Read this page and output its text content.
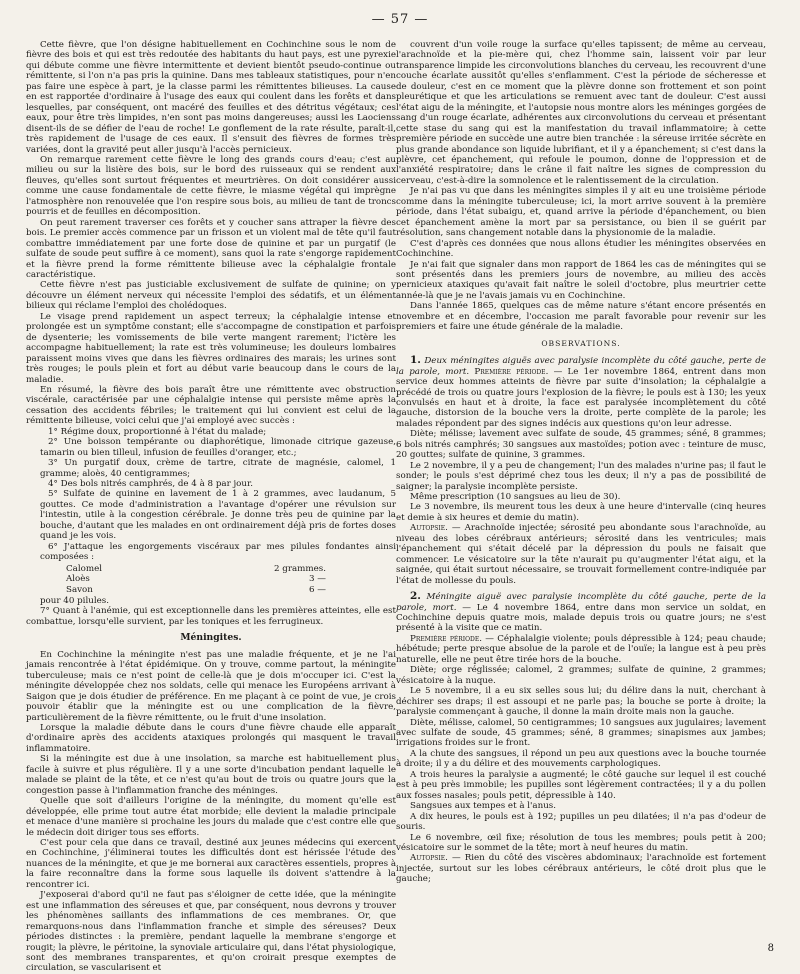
— 57 —

Cette fièvre, que l'on désigne habituellement en Cochinchine sous le nom de fièvre des bois et qui est très redoutée des habitants du haut pays, est une pyrexie qui débute comme une fièvre intermittente et devient bientôt pseudo-continue ou rémittente, si l'on n'a pas pris la quinine. Dans mes tableaux statistiques, pour n'en pas faire une espèce à part, je la classe parmi les rémittentes bilieuses. La cause en est rapportée d'ordinaire à l'usage des eaux qui coulent dans les forêts et dans lesquelles, par conséquent, ont macéré des feuilles et des détritus végétaux; ces eaux, pour être très limpides, n'en sont pas moins dangereuses; aussi les Laociens disent-ils de se défier de l'eau de roche! Le gonflement de la rate résulte, paraît-il, très rapidement de l'usage de ces eaux. Il s'ensuit des fièvres de formes très variées, dont la gravité peut aller jusqu'à l'accès pernicieux.

On remarque rarement cette fièvre le long des grands cours d'eau; c'est au milieu ou sur la lisière des bois, sur le bord des ruisseaux qui se rendent aux fleuves, qu'elles sont surtout fréquentes et meurtrières. On doit considérer aussi comme une cause fondamentale de cette fièvre, le miasme végétal qui imprègne l'atmosphère non renouvelée que l'on respire sous bois, au milieu de tant de troncs pourris et de feuilles en décomposition.

On peut rarement traverser ces forêts et y coucher sans attraper la fièvre des bois. Le premier accès commence par un frisson et un violent mal de tête qu'il faut combattre immédiatement par une forte dose de quinine et par un purgatif (le sulfate de soude peut suffire à ce moment), sans quoi la rate s'engorge rapidement et la fièvre prend la forme rémittente bilieuse avec la céphalalgie frontale caractéristique.

Cette fièvre n'est pas justiciable exclusivement de sulfate de quinine; on y découvre un élément nerveux qui nécessite l'emploi des sédatifs, et un élément bilieux qui réclame l'emploi des cholédoques.

Le visage prend rapidement un aspect terreux; la céphalalgie intense et prolongée est un symptôme constant; elle s'accompagne de constipation et parfois de dysenterie; les vomissements de bile verte mangent rarement; l'ictère les accompagne habituellement; la rate est très volumineuse; les douleurs lombaires paraissent moins vives que dans les fièvres ordinaires des marais; les urines sont très rouges; le pouls plein et fort au début varie beaucoup dans le cours de la maladie.

En résumé, la fièvre des bois paraît être une rémittente avec obstruction viscérale, caractérisée par une céphalalgie intense qui persiste même après la cessation des accidents fébriles; le traitement qui lui convient est celui de la rémittente bilieuse, voici celui que j'ai employé avec succès :

1° Régime doux, proportionné à l'état du malade;
2° Une boisson tempérante ou diaphorétique, limonade citrique gazeuse, tamarin ou bien tilleul, infusion de feuilles d'oranger, etc.;
3° Un purgatif doux, crème de tartre, citrate de magnésie, calomel, 1 gramme; aloès, 40 centigrammes;
4° Des bols nitrés camphrés, de 4 à 8 par jour.
5° Sulfate de quinine en lavement de 1 à 2 grammes, avec laudanum, 5 gouttes. Ce mode d'administration a l'avantage d'opérer une révulsion sur l'intestin, utile à la congestion cérébrale. Je donne très peu de quinine par la bouche, d'autant que les malades en ont ordinairement déjà pris de fortes doses quand je les vois.
6° J'attaque les engorgements viscéraux par mes pilules fondantes ainsi composées :
Calomel	2 grammes.
Aloès	3 —
Savon	6 —

pour 40 pilules.

7° Quant à l'anémie, qui est exceptionnelle dans les premières atteintes, elle est combattue, lorsqu'elle survient, par les toniques et les ferrugineux.

Méningites.

En Cochinchine la méningite n'est pas une maladie fréquente, et je ne l'ai jamais rencontrée à l'état épidémique. On y trouve, comme partout, la méningite tuberculeuse; mais ce n'est point de celle-là que je dois m'occuper ici. C'est la méningite développée chez nos soldats, celle qui menace les Européens arrivant à Saigon que je dois étudier de préférence. En me plaçant à ce point de vue, je crois pouvoir établir que la méningite est ou une complication de la fièvre, particulièrement de la fièvre rémittente, ou le fruit d'une insolation.

Lorsque la maladie débute dans le cours d'une fièvre chaude elle apparaît d'ordinaire après des accidents ataxiques prolongés qui masquent le travail inflammatoire.

Si la méningite est due à une insolation, sa marche est habituellement plus facile à suivre et plus régulière. Il y a une sorte d'incubation pendant laquelle le malade se plaint de la tête, et ce n'est qu'au bout de trois ou quatre jours que la congestion passe à l'inflammation franche des méninges.

Quelle que soit d'ailleurs l'origine de la méningite, du moment qu'elle est développée, elle prime tout autre état morbide; elle devient la maladie principale et menace d'une manière si prochaine les jours du malade que c'est contre elle que le médecin doit diriger tous ses efforts.

C'est pour cela que dans ce travail, destiné aux jeunes médecins qui exercent en Cochinchine, j'éliminerai toutes les difficultés dont est hérissée l'étude des nuances de la méningite, et que je me bornerai aux caractères essentiels, propres à la faire reconnaître dans la forme sous laquelle ils doivent s'attendre à la rencontrer ici.

J'exposerai d'abord qu'il ne faut pas s'éloigner de cette idée, que la méningite est une inflammation des séreuses et que, par conséquent, nous devrons y trouver les phénomènes saillants des inflammations de ces membranes. Or, que remarquons-nous dans l'inflammation franche et simple des séreuses? Deux périodes distinctes : la première, pendant laquelle la membrane s'engorge et rougit; la plèvre, le péritoine, la synoviale articulaire qui, dans l'état physiologique, sont des membranes transparentes, et qu'on croirait presque exemptes de circulation, se vascularisent et

couvrent d'un voile rouge la surface qu'elles tapissent; de même au cerveau, l'arachnoïde et la pie-mère qui, chez l'homme sain, laissent voir par leur transparence limpide les circonvolutions blanches du cerveau, les recouvrent d'une couche écarlate aussitôt qu'elles s'enflamment. C'est la période de sécheresse et de douleur, c'est en ce moment que la plèvre donne son frottement et son point pleurétique et que les articulations se remuent avec tant de douleur. C'est aussi l'état aigu de la méningite, et l'autopsie nous montre alors les méninges gorgées de sang d'un rouge écarlate, adhérentes aux circonvolutions du cerveau et présentant cette stase du sang qui est la manifestation du travail inflammatoire; à cette première période en succède une autre bien tranchée : la séreuse irritée sécrète en plus grande abondance son liquide lubrifiant, et il y a épanchement; si c'est dans la plèvre, cet épanchement, qui refoule le poumon, donne de l'oppression et de l'anxiété respiratoire; dans le crâne il fait naître les signes de compression du cerveau, c'est-à-dire la somnolence et le ralentissement de la circulation.

Je n'ai pas vu que dans les méningites simples il y ait eu une troisième période comme dans la méningite tuberculeuse; ici, la mort arrive souvent à la première période, dans l'état subaigu, et, quand arrive la période d'épanchement, ou bien cet épanchement amène la mort par sa persistance, ou bien il se guérit par résolution, sans changement notable dans la physionomie de la maladie.

C'est d'après ces données que nous allons étudier les méningites observées en Cochinchine.

Je n'ai fait que signaler dans mon rapport de 1864 les cas de méningites qui se sont présentés dans les premiers jours de novembre, au milieu des accès pernicieux ataxiques qu'avait fait naître le soleil d'octobre, plus meurtrier cette année-là que je ne l'avais jamais vu en Cochinchine.

Dans l'année 1865, quelques cas de même nature s'étant encore présentés en novembre et en décembre, l'occasion me paraît favorable pour revenir sur les premiers et faire une étude générale de la maladie.

OBSERVATIONS.

1. Deux méningites aiguës avec paralysie incomplète du côté gauche, perte de la parole, mort. Première période. — Le 1er novembre 1864, entrent dans mon service deux hommes atteints de fièvre par suite d'insolation; la céphalalgie a précédé de trois ou quatre jours l'explosion de la fièvre; le pouls est à 130; les yeux convulsés en haut et à droite, la face est paralysée incomplètement du côté gauche, distorsion de la bouche vers la droite, perte complète de la parole; les malades répondent par des signes indécis aux questions qu'on leur adresse.

Diète; mélisse; lavement avec sulfate de soude, 45 grammes; séné, 8 grammes; 6 bols nitrés camphrés; 30 sangsues aux mastoïdes; potion avec : teinture de musc, 20 gouttes; sulfate de quinine, 3 grammes.

Le 2 novembre, il y a peu de changement; l'un des malades n'urine pas; il faut le sonder; le pouls s'est déprimé chez tous les deux; il n'y a pas de possibilité de saigner; la paralysie incomplète persiste.

Même prescription (10 sangsues au lieu de 30).

Le 3 novembre, ils meurent tous les deux à une heure d'intervalle (cinq heures et demie à six heures et demie du matin).

Autopsie. — Arachnoïde injectée; sérosité peu abondante sous l'arachnoïde, au niveau des lobes cérébraux antérieurs; sérosité dans les ventricules; mais l'épanchement qui s'était décelé par la dépression du pouls ne faisait que commencer. Le vésicatoire sur la tête n'aurait pu qu'augmenter l'état aigu, et la saignée, qui était surtout nécessaire, se trouvait formellement contre-indiquée par l'état de mollesse du pouls.

2. Méningite aiguë avec paralysie incomplète du côté gauche, perte de la parole, mort. — Le 4 novembre 1864, entre dans mon service un soldat, en Cochinchine depuis quatre mois, malade depuis trois ou quatre jours; ne s'est présenté à la visite que ce matin.

Première période. — Céphalalgie violente; pouls dépressible à 124; peau chaude; hébétude; perte presque absolue de la parole et de l'ouïe; la langue est à peu près naturelle, elle ne peut être tirée hors de la bouche.

Diète; orge réglissée; calomel, 2 grammes; sulfate de quinine, 2 grammes; vésicatoire à la nuque.

Le 5 novembre, il a eu six selles sous lui; du délire dans la nuit, cherchant à déchirer ses draps; il est assoupi et ne parle pas; la bouche se porte à droite; la paralysie commençant à gauche, il donne la main droite mais non la gauche.

Diète, mélisse, calomel, 50 centigrammes; 10 sangsues aux jugulaires; lavement avec sulfate de soude, 45 grammes; séné, 8 grammes; sinapismes aux jambes; irrigations froides sur le front.

A la chute des sangsues, il répond un peu aux questions avec la bouche tournée à droite; il y a du délire et des mouvements carphologiques.

A trois heures la paralysie a augmenté; le côté gauche sur lequel il est couché est à peu près immobile; les pupilles sont légèrement contractées; il y a du pollen aux fosses nasales; pouls petit, dépressible à 140.

Sangsues aux tempes et à l'anus.

A dix heures, le pouls est à 192; pupilles un peu dilatées; il n'a pas d'odeur de souris.

Le 6 novembre, œil fixe; résolution de tous les membres; pouls petit à 200; vésicatoire sur le sommet de la tête; mort à neuf heures du matin.

Autopsie. — Rien du côté des viscères abdominaux; l'arachnoïde est fortement injectée, surtout sur les lobes cérébraux antérieurs, le côté droit plus que le gauche;

8
